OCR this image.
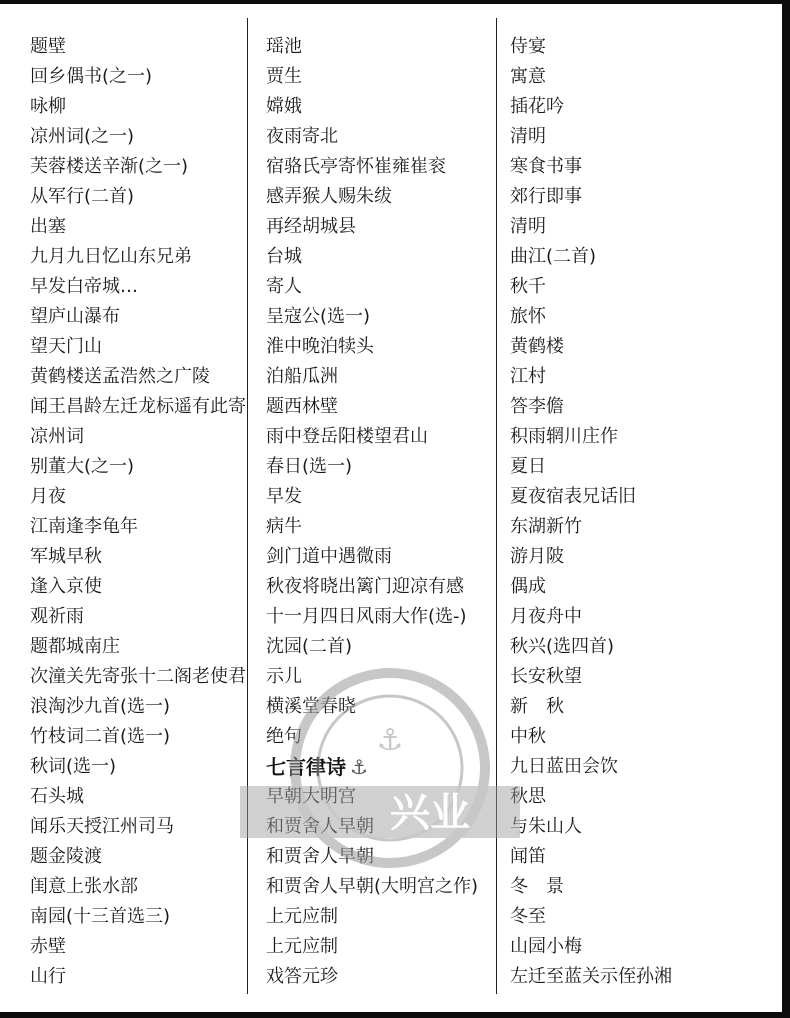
题壁
回乡偶书(之一)
咏柳
凉州词(之一)
芙蓉楼送辛渐(之一)
从军行(二首)
出塞
九月九日忆山东兄弟
早发白帝城…
望庐山瀑布
望天门山
黄鹤楼送孟浩然之广陵
闻王昌龄左迁龙标遥有此寄
凉州词
别董大(之一)
月夜
江南逢李龟年
军城早秋
逢入京使
观祈雨
题都城南庄
次潼关先寄张十二阁老使君
浪淘沙九首(选一)
竹枝词二首(选一)
秋词(选一)
石头城
闻乐天授江州司马
题金陵渡
闺意上张水部
南园(十三首选三)
赤壁
山行
瑶池
贾生
嫦娥
夜雨寄北
宿骆氏亭寄怀崔雍崔衮
感弄猴人赐朱绂
再经胡城县
台城
寄人
呈寇公(选一)
淮中晚泊犊头
泊船瓜洲
题西林壁
雨中登岳阳楼望君山
春日(选一)
早发
病牛
剑门道中遇微雨
秋夜将晓出篱门迎凉有感
十一月四日风雨大作(选-)
沈园(二首)
示儿
横溪堂春晓
绝句
七言律诗 ⚓
早朝大明宫
和贾舍人早朝
和贾舍人早朝
和贾舍人早朝(大明宫之作)
上元应制
上元应制
戏答元珍
侍宴
寓意
插花吟
清明
寒食书事
郊行即事
清明
曲江(二首)
秋千
旅怀
黄鹤楼
江村
答李儋
积雨辋川庄作
夏日
夏夜宿表兄话旧
东湖新竹
游月陂
偶成
月夜舟中
秋兴(选四首)
长安秋望
新　秋
中秋
九日蓝田会饮
秋思
与朱山人
闻笛
冬　景
冬至
山园小梅
左迁至蓝关示侄孙湘
兴业
⚓
